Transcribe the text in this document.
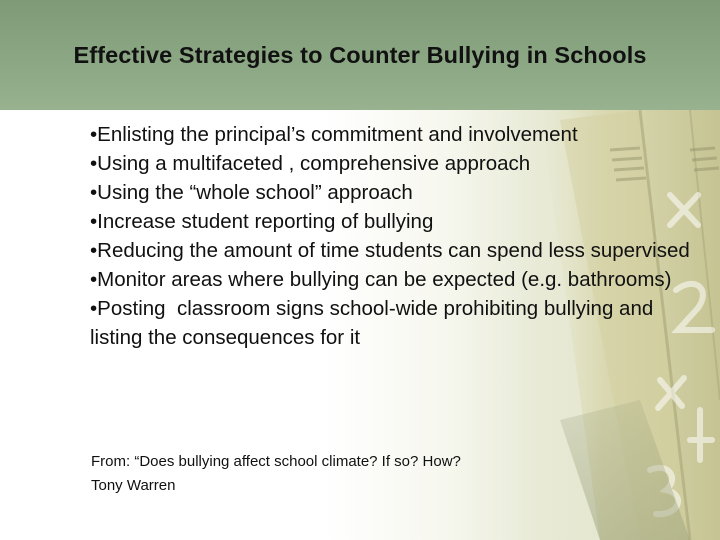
Effective Strategies to Counter Bullying in Schools
•Enlisting the principal’s commitment and involvement
•Using a multifaceted , comprehensive approach
•Using the “whole school” approach
•Increase student reporting of bullying
•Reducing the amount of time students can spend less supervised
•Monitor areas where bullying can be expected (e.g. bathrooms)
•Posting  classroom signs school-wide prohibiting bullying and listing the consequences for it
From: “Does bullying affect school climate? If so? How?
Tony Warren
